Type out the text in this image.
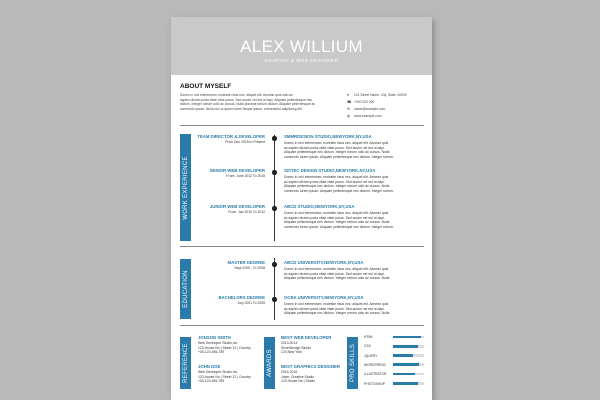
ALEX WILLIUM
GRAPHIC & WEB DESIGNER
ABOUT MYSELF
Donec in orci elementum, molestie risus nec, aliquet elit. Aenean quis odio ac
sapien dictum porta vitae vitae purus. Sed auctor vel est ut dapi. Aliquam pellentesque nec
dictum. Integer rutrum odio ac cursus. Nulla placerat rutrum dictum. Aliquam pellentesque ac
commodo ipsum. Nulla nec ut quam lorem Neque ipsum, consectetur adipiscing elit.
● 121 Street Name, City, State, 00000
☎ +000 000 000
✉ name@example.com
◍ www.example.com
WORK EXPERIENCE
TEAM DIRECTOR & DEVELOPER
From Dec 2015 to Present
SMMRDESIGN STUDIO,NEWYORK,NY,USA
Donec in orci elementum, molestie risus nec, aliquet elit. Aenean quis
ac sapien dictum porta vitae vitae purus. Sed auctor vel est ut dapi.
Aliquam pellentesque nec dictum. Integer rutrum odio ac cursus. Nulla
commodo lorem ipsum. Aliquam pellentesque nec dictum. Integer rutrum.
SENIOR WEB DEVELOPER
From: June 2012 To 2015
SISTEC DESIGN STUDIO,NEWYORK,NY,USA
Donec in orci elementum, molestie risus nec, aliquet elit. Aenean quis
ac sapien dictum porta vitae vitae purus. Sed auctor vel est ut dapi.
Aliquam pellentesque nec dictum. Integer rutrum odio ac cursus. Nulla
commodo lorem ipsum. Aliquam pellentesque nec dictum. Integer rutrum.
JUNIOR WEB DEVELOPER
From: Jan 2010 To 2012
ABCD STUDIO,NEWYORK,NY,USA
Donec in orci elementum, molestie risus nec, aliquet elit. Aenean quis
ac sapien dictum porta vitae vitae purus. Sed auctor vel est ut dapi.
Aliquam pellentesque nec dictum. Integer rutrum odio ac cursus. Nulla
commodo lorem ipsum. Aliquam pellentesque nec dictum. Integer rutrum.
EDUCATION
MASTER DEGREE
Sept 2005 - To 2008
ABCD UNIVERSITY,NEWYORK,NY,USA
Donec in orci elementum, molestie risus nec, aliquet elit. Aenean quis
ac sapien dictum porta vitae vitae purus. Sed auctor vel est ut dapi.
Aliquam pellentesque nec dictum. Integer rutrum odio ac cursus. Nulla
BACHELORS DEGREE
July 2001 To 2005
OCBA UNIVERSITY,NEWYORK,NY,USA
Donec in orci elementum, molestie risus nec, aliquet elit. Aenean quis
ac sapien dictum porta vitae vitae purus. Sed auctor vel est ut dapi.
Aliquam pellentesque nec dictum. Integer rutrum odio ac cursus. Nulla
REFERENCE
JONSON SMITH
Web Developer Studio,Inc
123,House No | Street 12 | Country
+00-123-456-789
JOHN DOE
Web Developer Studio,Inc
123,House No | Street 12 | Country
+00-123-456-789
AWARDS
BEST WEB DEVELOPER
2013-2014
SeverDesign Studio
123,New York
BEST GRAPHICS DESIGNER
2015-2016
Joker, Creative Studio
123,House No | Studio	PRO SKILLS
HTML
CSS
JQUERY
WORDPRESS
ILLUSTRATOR
PHOTOSHOP
